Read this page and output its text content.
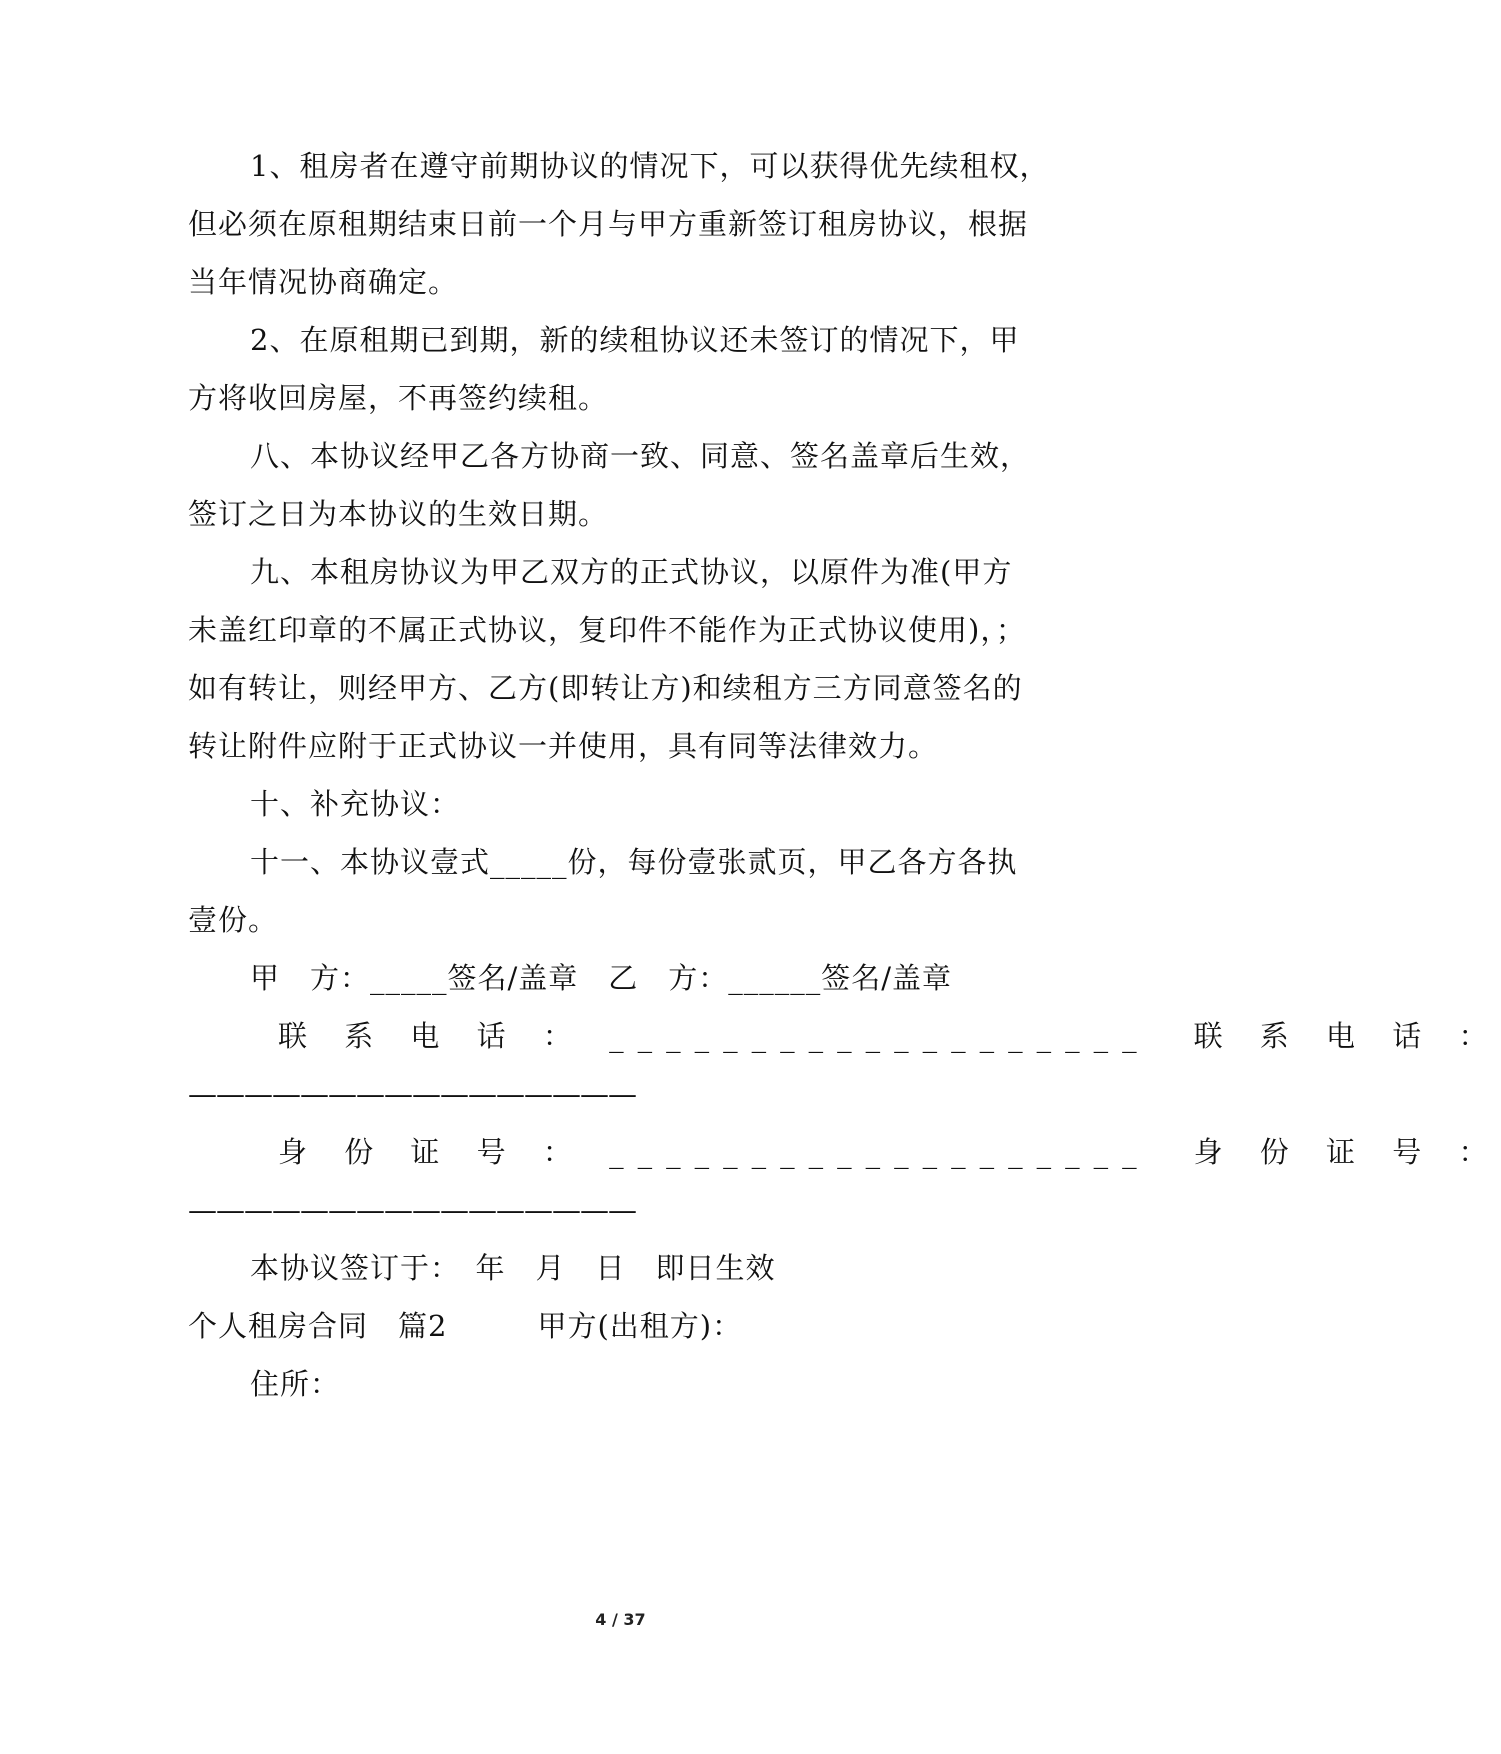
1、租房者在遵守前期协议的情况下，可以获得优先续租权，
但必须在原租期结束日前一个月与甲方重新签订租房协议，根据
当年情况协商确定。
2、在原租期已到期，新的续租协议还未签订的情况下，甲
方将收回房屋，不再签约续租。
八、本协议经甲乙各方协商一致、同意、签名盖章后生效，
签订之日为本协议的生效日期。
九、本租房协议为甲乙双方的正式协议，以原件为准(甲方
未盖红印章的不属正式协议，复印件不能作为正式协议使用)，；
如有转让，则经甲方、乙方(即转让方)和续租方三方同意签名的
转让附件应附于正式协议一并使用，具有同等法律效力。
十、补充协议：
十一、本协议壹式_____份，每份壹张贰页，甲乙各方各执
壹份。
甲　方：_____签名/盖章　乙　方：______签名/盖章
联 系 电 话 ： ___________________　联 系 电 话 ：
————————————————
身 份 证 号 ： ___________________　身 份 证 号 ：
————————————————
本协议签订于：　年　月　日　即日生效
个人租房合同　篇2　　　甲方(出租方)：
住所：
4 / 37
